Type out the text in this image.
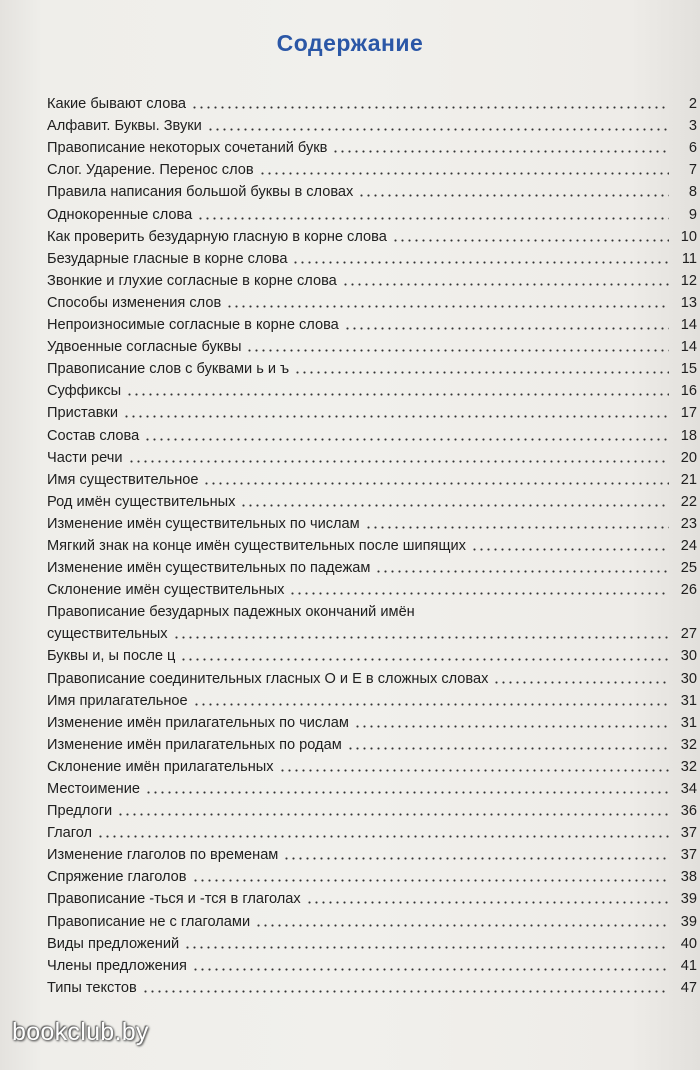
Содержание
Какие бывают слова	2
Алфавит. Буквы. Звуки	3
Правописание некоторых сочетаний букв	6
Слог. Ударение. Перенос слов	7
Правила написания большой буквы в словах	8
Однокоренные слова	9
Как проверить безударную гласную в корне слова	10
Безударные гласные в корне слова	11
Звонкие и глухие согласные в корне слова	12
Способы изменения слов	13
Непроизносимые согласные в корне слова	14
Удвоенные согласные буквы	14
Правописание слов с буквами ь и ъ	15
Суффиксы	16
Приставки	17
Состав слова	18
Части речи	20
Имя существительное	21
Род имён существительных	22
Изменение имён существительных по числам	23
Мягкий знак на конце имён существительных после шипящих	24
Изменение имён существительных по падежам	25
Склонение имён существительных	26
Правописание безударных падежных окончаний имён
существительных	27
Буквы и, ы после ц	30
Правописание соединительных гласных О и Е в сложных словах	30
Имя прилагательное	31
Изменение имён прилагательных по числам	31
Изменение имён прилагательных по родам	32
Склонение имён прилагательных	32
Местоимение	34
Предлоги	36
Глагол	37
Изменение глаголов по временам	37
Спряжение глаголов	38
Правописание -ться и -тся в глаголах	39
Правописание не с глаголами	39
Виды предложений	40
Члены предложения	41
Типы текстов	47
bookclub.by
